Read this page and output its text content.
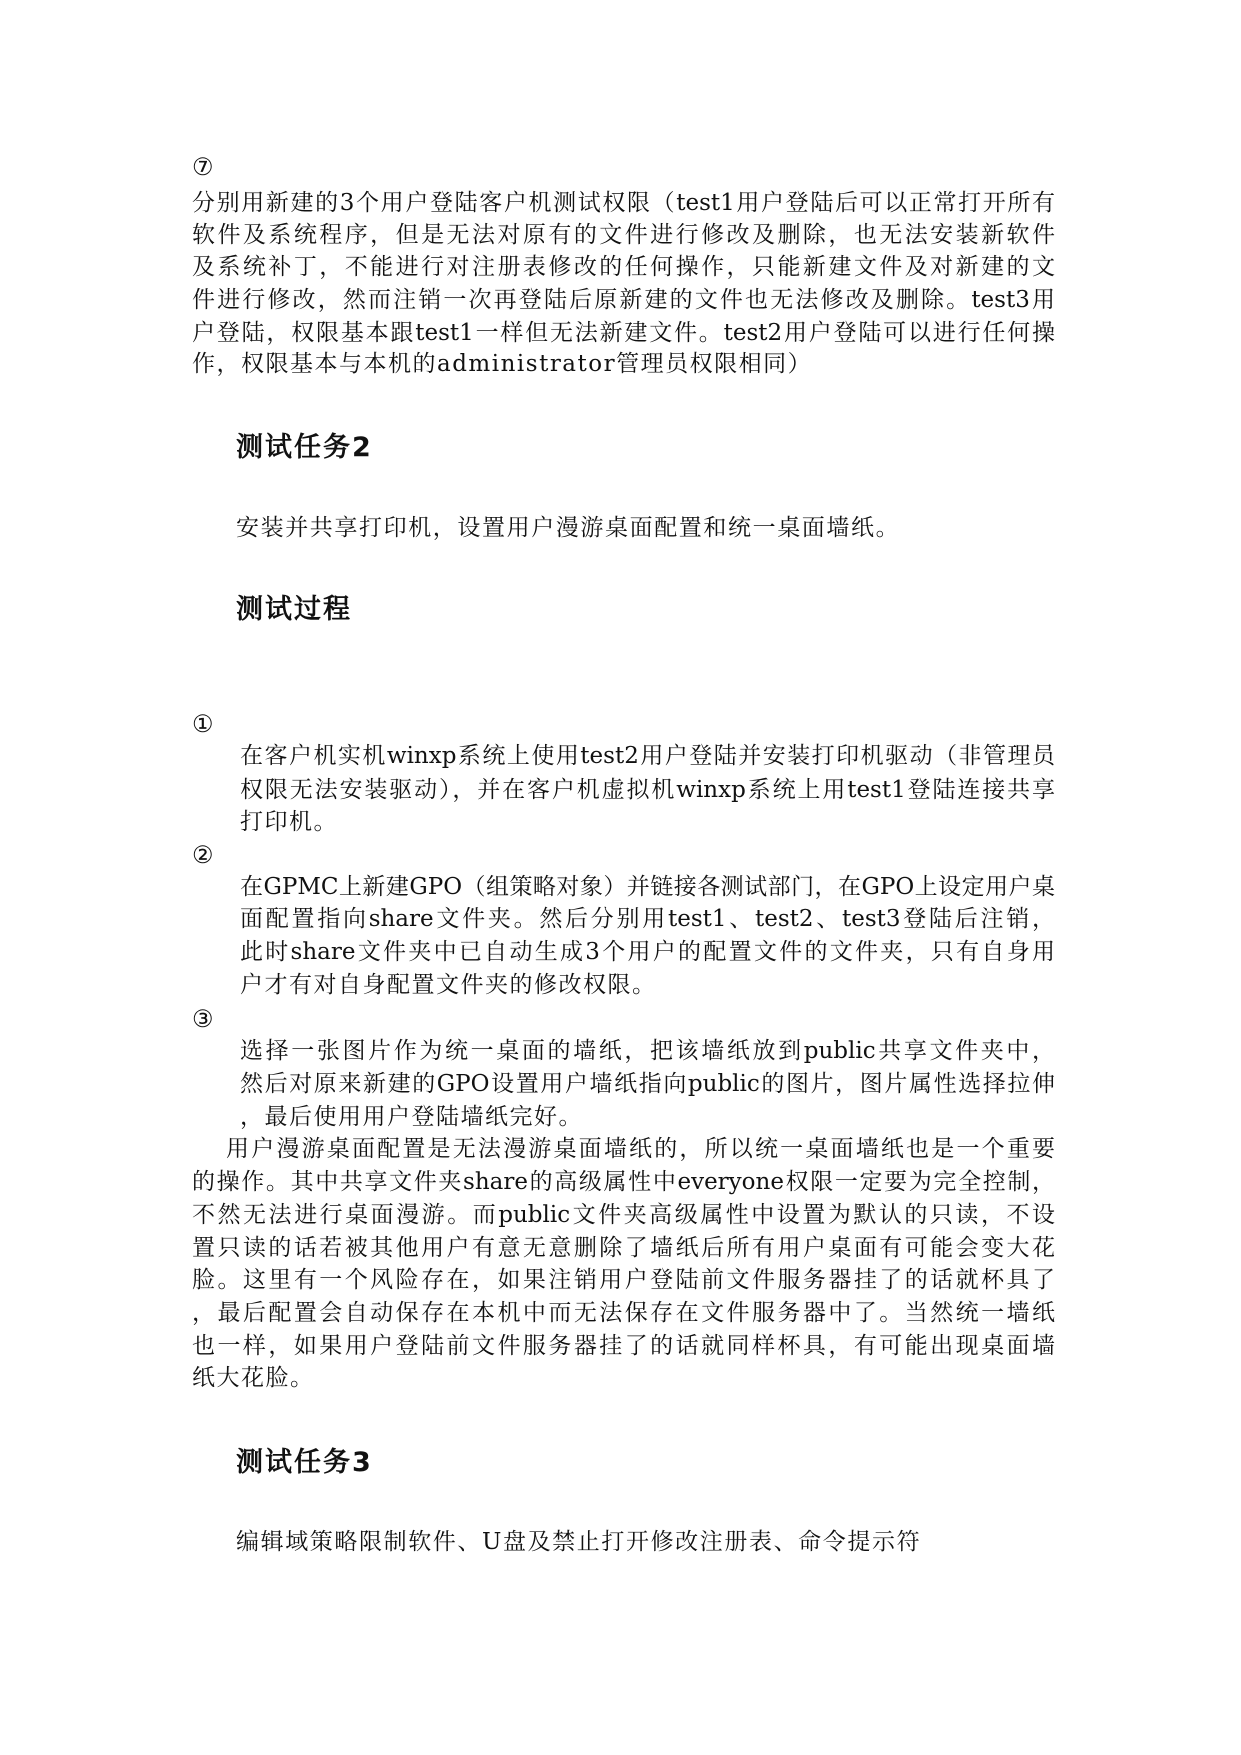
⑦
分别用新建的3个用户登陆客户机测试权限（test1用户登陆后可以正常打开所有
软件及系统程序，但是无法对原有的文件进行修改及删除，也无法安装新软件
及系统补丁，不能进行对注册表修改的任何操作，只能新建文件及对新建的文
件进行修改，然而注销一次再登陆后原新建的文件也无法修改及删除。test3用
户登陆，权限基本跟test1一样但无法新建文件。test2用户登陆可以进行任何操
作，权限基本与本机的administrator管理员权限相同）
测试任务2
安装并共享打印机，设置用户漫游桌面配置和统一桌面墙纸。
测试过程
①
在客户机实机winxp系统上使用test2用户登陆并安装打印机驱动（非管理员
权限无法安装驱动），并在客户机虚拟机winxp系统上用test1登陆连接共享
打印机。
②
在GPMC上新建GPO（组策略对象）并链接各测试部门，在GPO上设定用户桌
面配置指向share文件夹。然后分别用test1、test2、test3登陆后注销，
此时share文件夹中已自动生成3个用户的配置文件的文件夹，只有自身用
户才有对自身配置文件夹的修改权限。
③
选择一张图片作为统一桌面的墙纸，把该墙纸放到public共享文件夹中，
然后对原来新建的GPO设置用户墙纸指向public的图片，图片属性选择拉伸
，最后使用用户登陆墙纸完好。
用户漫游桌面配置是无法漫游桌面墙纸的，所以统一桌面墙纸也是一个重要
的操作。其中共享文件夹share的高级属性中everyone权限一定要为完全控制，
不然无法进行桌面漫游。而public文件夹高级属性中设置为默认的只读，不设
置只读的话若被其他用户有意无意删除了墙纸后所有用户桌面有可能会变大花
脸。这里有一个风险存在，如果注销用户登陆前文件服务器挂了的话就杯具了
，最后配置会自动保存在本机中而无法保存在文件服务器中了。当然统一墙纸
也一样，如果用户登陆前文件服务器挂了的话就同样杯具，有可能出现桌面墙
纸大花脸。
测试任务3
编辑域策略限制软件、U盘及禁止打开修改注册表、命令提示符
